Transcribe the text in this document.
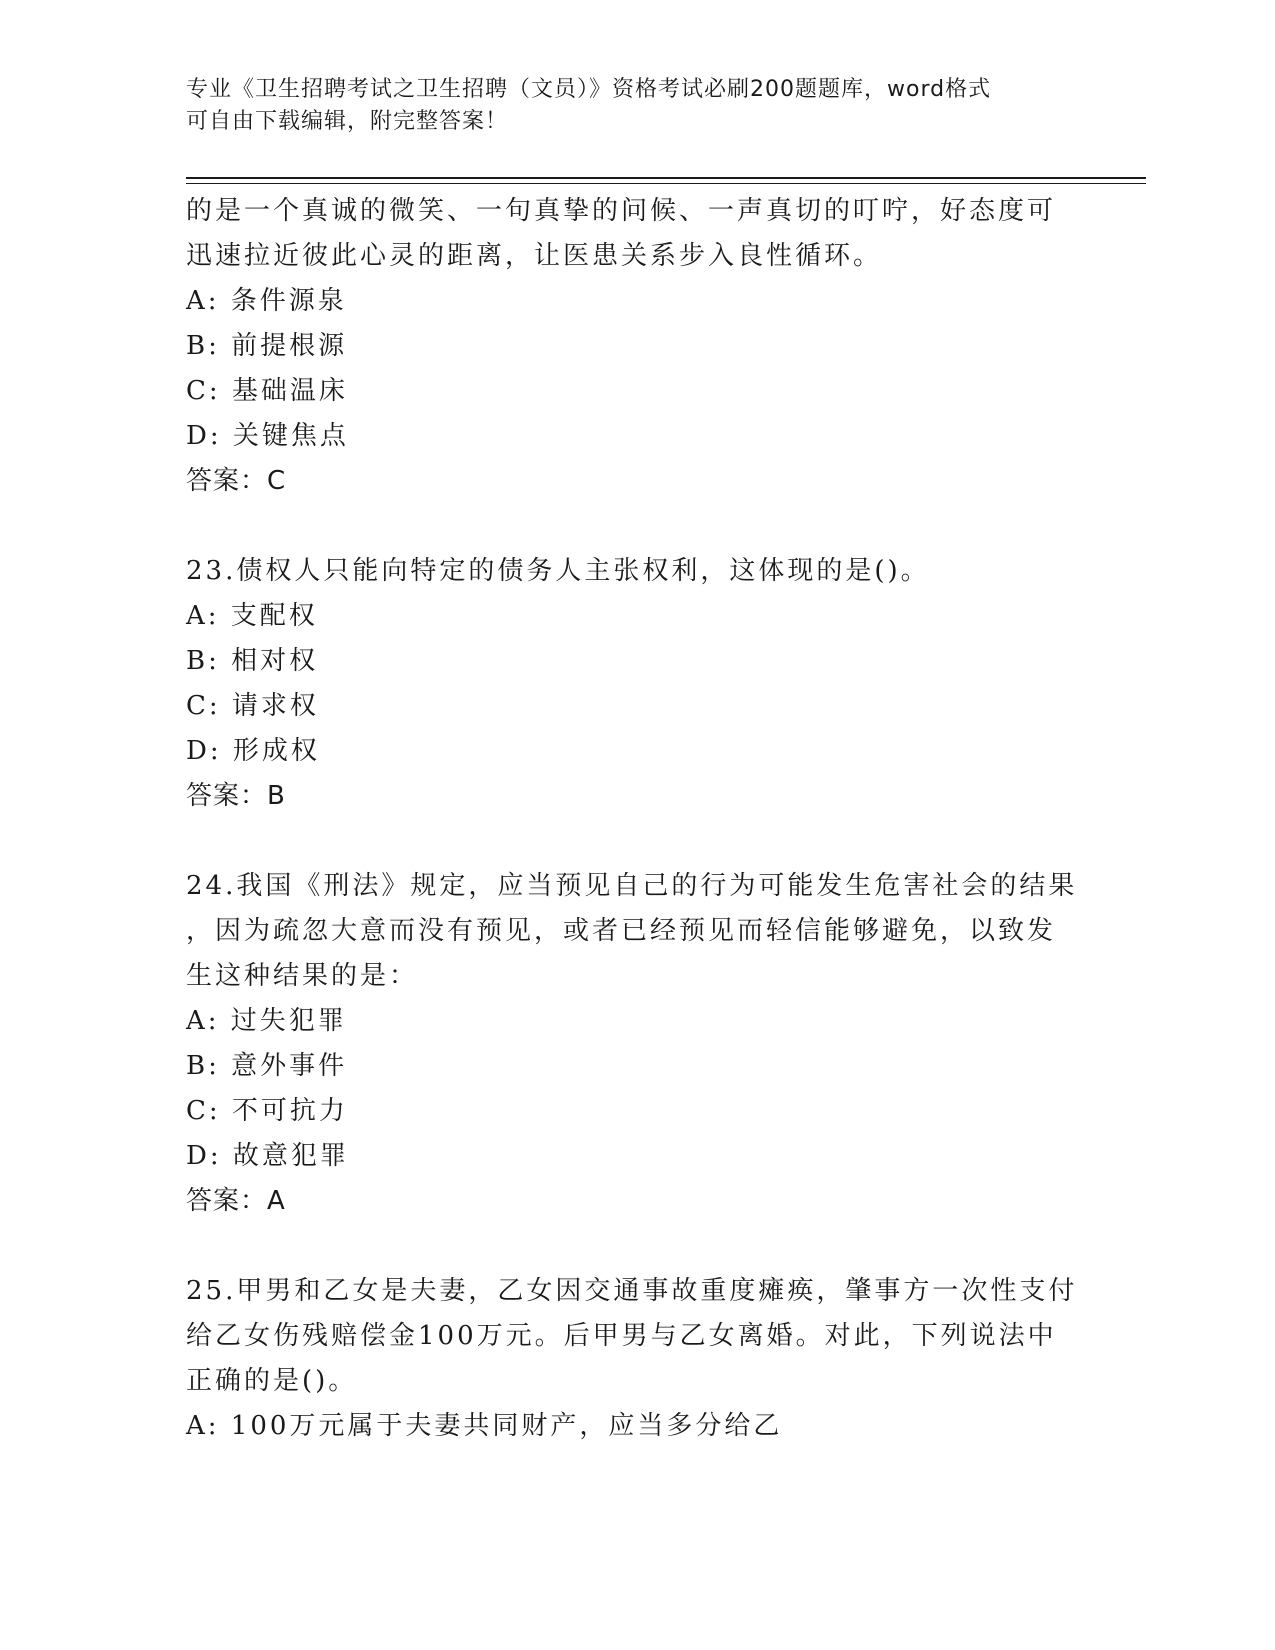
专业《卫生招聘考试之卫生招聘（文员）》资格考试必刷200题题库，word格式
可自由下载编辑，附完整答案！
的是一个真诚的微笑、一句真挚的问候、一声真切的叮咛，好态度可
迅速拉近彼此心灵的距离，让医患关系步入良性循环。
A: 条件源泉
B: 前提根源
C: 基础温床
D: 关键焦点
答案：C
23.债权人只能向特定的债务人主张权利，这体现的是()。
A: 支配权
B: 相对权
C: 请求权
D: 形成权
答案：B
24.我国《刑法》规定，应当预见自己的行为可能发生危害社会的结果
，因为疏忽大意而没有预见，或者已经预见而轻信能够避免，以致发
生这种结果的是：
A: 过失犯罪
B: 意外事件
C: 不可抗力
D: 故意犯罪
答案：A
25.甲男和乙女是夫妻，乙女因交通事故重度瘫痪，肇事方一次性支付
给乙女伤残赔偿金100万元。后甲男与乙女离婚。对此，下列说法中
正确的是()。
A: 100万元属于夫妻共同财产，应当多分给乙
